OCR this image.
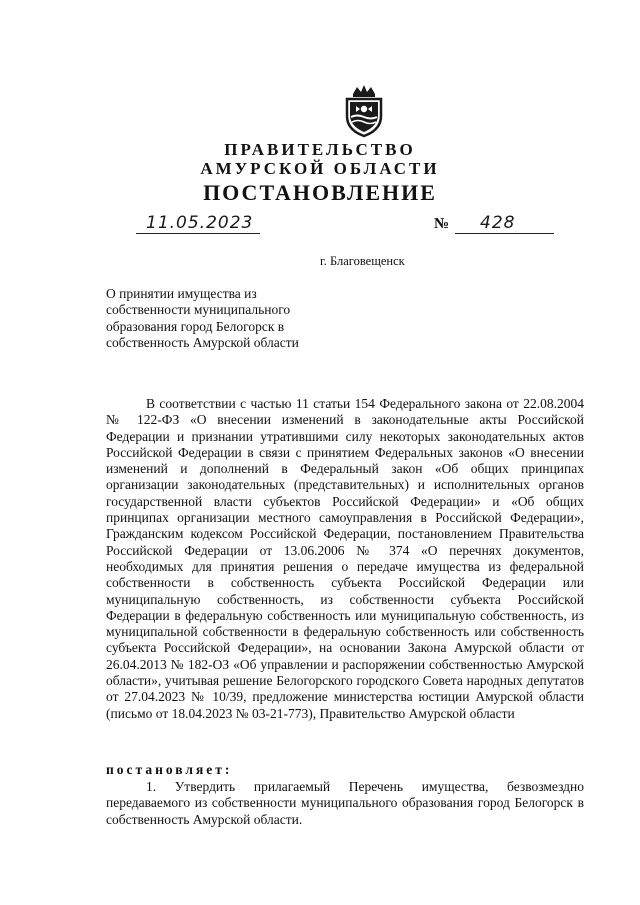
ПРАВИТЕЛЬСТВО
АМУРСКОЙ ОБЛАСТИ
ПОСТАНОВЛЕНИЕ
11.05.2023	№ 428
г. Благовещенск
О принятии имущества из собственности муниципального образования город Белогорск в собственность Амурской области
В соответствии с частью 11 статьи 154 Федерального закона от 22.08.2004 № 122-ФЗ «О внесении изменений в законодательные акты Российской Федерации и признании утратившими силу некоторых законодательных актов Российской Федерации в связи с принятием Федеральных законов «О внесении изменений и дополнений в Федеральный закон «Об общих принципах организации законодательных (представительных) и исполнительных органов государственной власти субъектов Российской Федерации» и «Об общих принципах организации местного самоуправления в Российской Федерации», Гражданским кодексом Российской Федерации, постановлением Правительства Российской Федерации от 13.06.2006 № 374 «О перечнях документов, необходимых для принятия решения о передаче имущества из федеральной собственности в собственность субъекта Российской Федерации или муниципальную собственность, из собственности субъекта Российской Федерации в федеральную собственность или муниципальную собственность, из муниципальной собственности в федеральную собственность или собственность субъекта Российской Федерации», на основании Закона Амурской области от 26.04.2013 № 182-ОЗ «Об управлении и распоряжении собственностью Амурской области», учитывая решение Белогорского городского Совета народных депутатов от 27.04.2023 № 10/39, предложение министерства юстиции Амурской области (письмо от 18.04.2023 № 03-21-773), Правительство Амурской области
постановляет:
1. Утвердить прилагаемый Перечень имущества, безвозмездно передаваемого из собственности муниципального образования город Белогорск в собственность Амурской области.
